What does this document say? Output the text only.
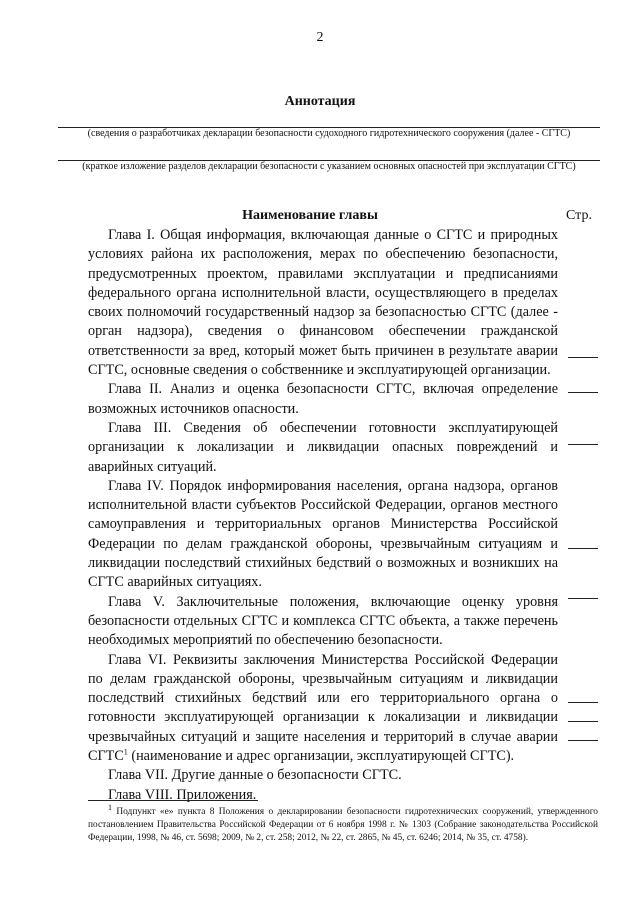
2
Аннотация
(сведения о разработчиках декларации безопасности судоходного гидротехнического сооружения (далее - СГТС)
(краткое изложение разделов декларации безопасности с указанием основных опасностей при эксплуатации СГТС)
Наименование главы	Стр.

Глава I. Общая информация, включающая данные о СГТС и природных условиях района их расположения, мерах по обеспечению безопасности, предусмотренных проектом, правилами эксплуатации и предписаниями федерального органа исполнительной власти, осуществляющего в пределах своих полномочий государственный надзор за безопасностью СГТС (далее - орган надзора), сведения о финансовом обеспечении гражданской ответственности за вред, который может быть причинен в результате аварии СГТС, основные сведения о собственнике и эксплуатирующей организации.

Глава II. Анализ и оценка безопасности СГТС, включая определение возможных источников опасности.

Глава III. Сведения об обеспечении готовности эксплуатирующей организации к локализации и ликвидации опасных повреждений и аварийных ситуаций.

Глава IV. Порядок информирования населения, органа надзора, органов исполнительной власти субъектов Российской Федерации, органов местного самоуправления и территориальных органов Министерства Российской Федерации по делам гражданской обороны, чрезвычайным ситуациям и ликвидации последствий стихийных бедствий о возможных и возникших на СГТС аварийных ситуациях.

Глава V. Заключительные положения, включающие оценку уровня безопасности отдельных СГТС и комплекса СГТС объекта, а также перечень необходимых мероприятий по обеспечению безопасности.

Глава VI. Реквизиты заключения Министерства Российской Федерации по делам гражданской обороны, чрезвычайным ситуациям и ликвидации последствий стихийных бедствий или его территориального органа о готовности эксплуатирующей организации к локализации и ликвидации чрезвычайных ситуаций и защите населения и территорий в случае аварии СГТС$^1$ (наименование и адрес организации, эксплуатирующей СГТС).

Глава VII. Другие данные о безопасности СГТС.

Глава VIII. Приложения.

$^1$ Подпункт «е» пункта 8 Положения о декларировании безопасности гидротехнических сооружений, утвержденного постановлением Правительства Российской Федерации от 6 ноября 1998 г. № 1303 (Собрание законодательства Российской Федерации, 1998, № 46, ст. 5698; 2009, № 2, ст. 258; 2012, № 22, ст. 2865, № 45, ст. 6246; 2014, № 35, ст. 4758).
